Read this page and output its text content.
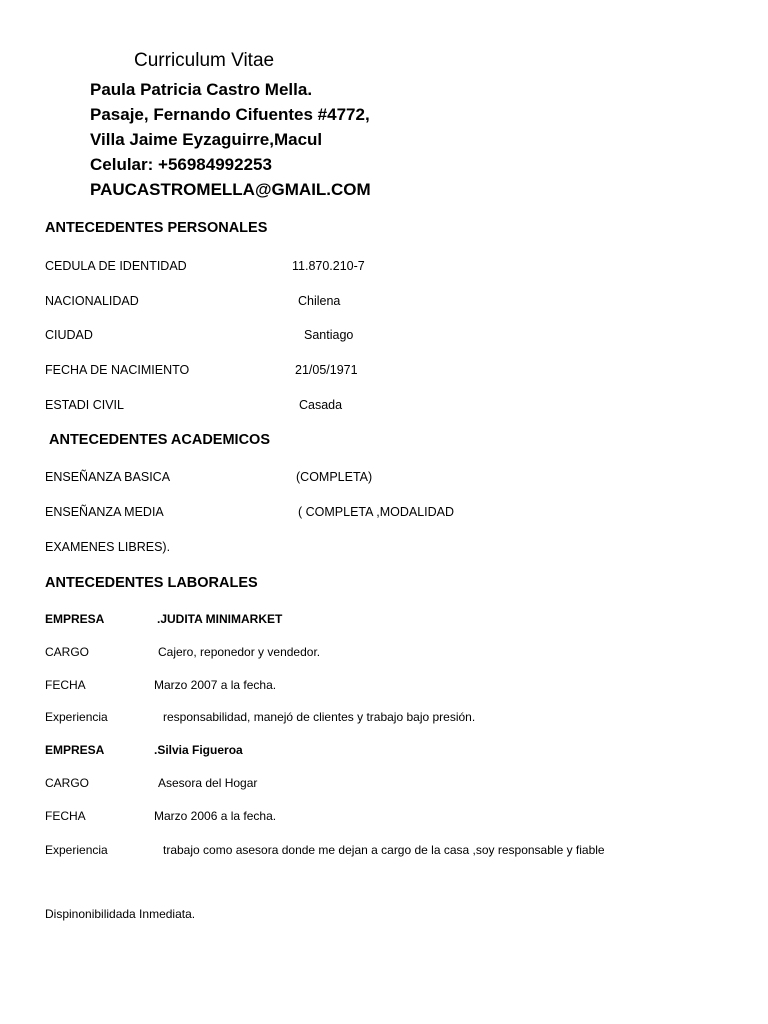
Curriculum Vitae
Paula Patricia Castro Mella.
Pasaje, Fernando Cifuentes #4772,
Villa Jaime Eyzaguirre,Macul
Celular: +56984992253
PAUCASTROMELLA@GMAIL.COM
ANTECEDENTES PERSONALES
CEDULA DE IDENTIDAD	11.870.210-7
NACIONALIDAD	Chilena
CIUDAD	Santiago
FECHA DE NACIMIENTO	21/05/1971
ESTADI CIVIL	Casada
ANTECEDENTES ACADEMICOS
ENSEÑANZA BASICA	(COMPLETA)
ENSEÑANZA MEDIA	( COMPLETA ,MODALIDAD
EXAMENES LIBRES).
ANTECEDENTES LABORALES
EMPRESA	.JUDITA MINIMARKET
CARGO	Cajero, reponedor y vendedor.
FECHA	Marzo 2007 a la fecha.
Experiencia	responsabilidad, manejó de clientes y trabajo bajo presión.
EMPRESA	.Silvia Figueroa
CARGO	Asesora del Hogar
FECHA	Marzo 2006 a la fecha.
Experiencia	trabajo como asesora donde me dejan a cargo de la casa ,soy responsable y fiable
Dispinonibilidada Inmediata.
